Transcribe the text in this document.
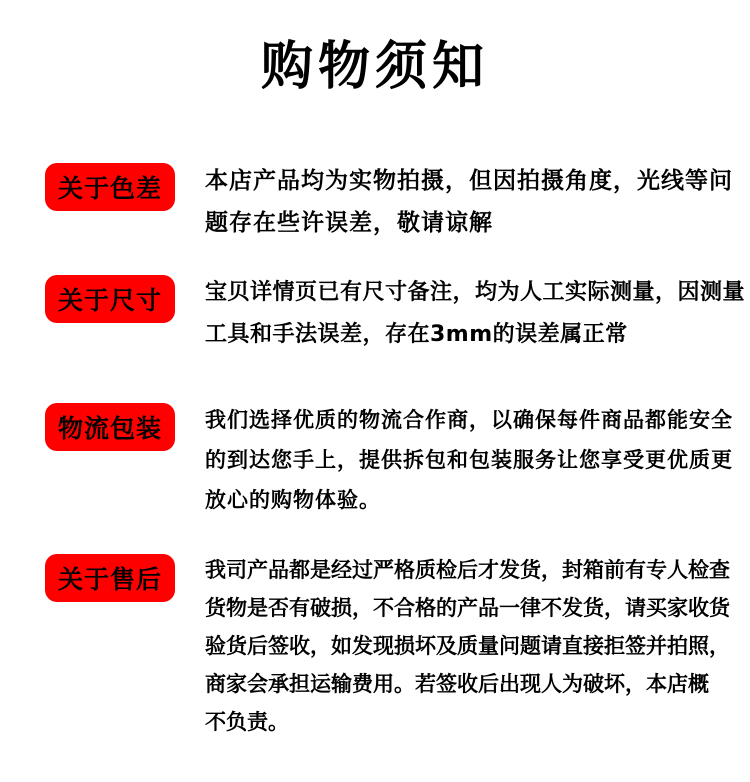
购物须知
关于色差	本店产品均为实物拍摄，但因拍摄角度，光线等问
题存在些许误差，敬请谅解
关于尺寸	宝贝详情页已有尺寸备注，均为人工实际测量，因测量
工具和手法误差，存在3mm的误差属正常
物流包装	我们选择优质的物流合作商，以确保每件商品都能安全
的到达您手上，提供拆包和包装服务让您享受更优质更
放心的购物体验。
关于售后	我司产品都是经过严格质检后才发货，封箱前有专人检查
货物是否有破损，不合格的产品一律不发货，请买家收货
验货后签收，如发现损坏及质量问题请直接拒签并拍照，
商家会承担运输费用。若签收后出现人为破坏，本店概
不负责。
